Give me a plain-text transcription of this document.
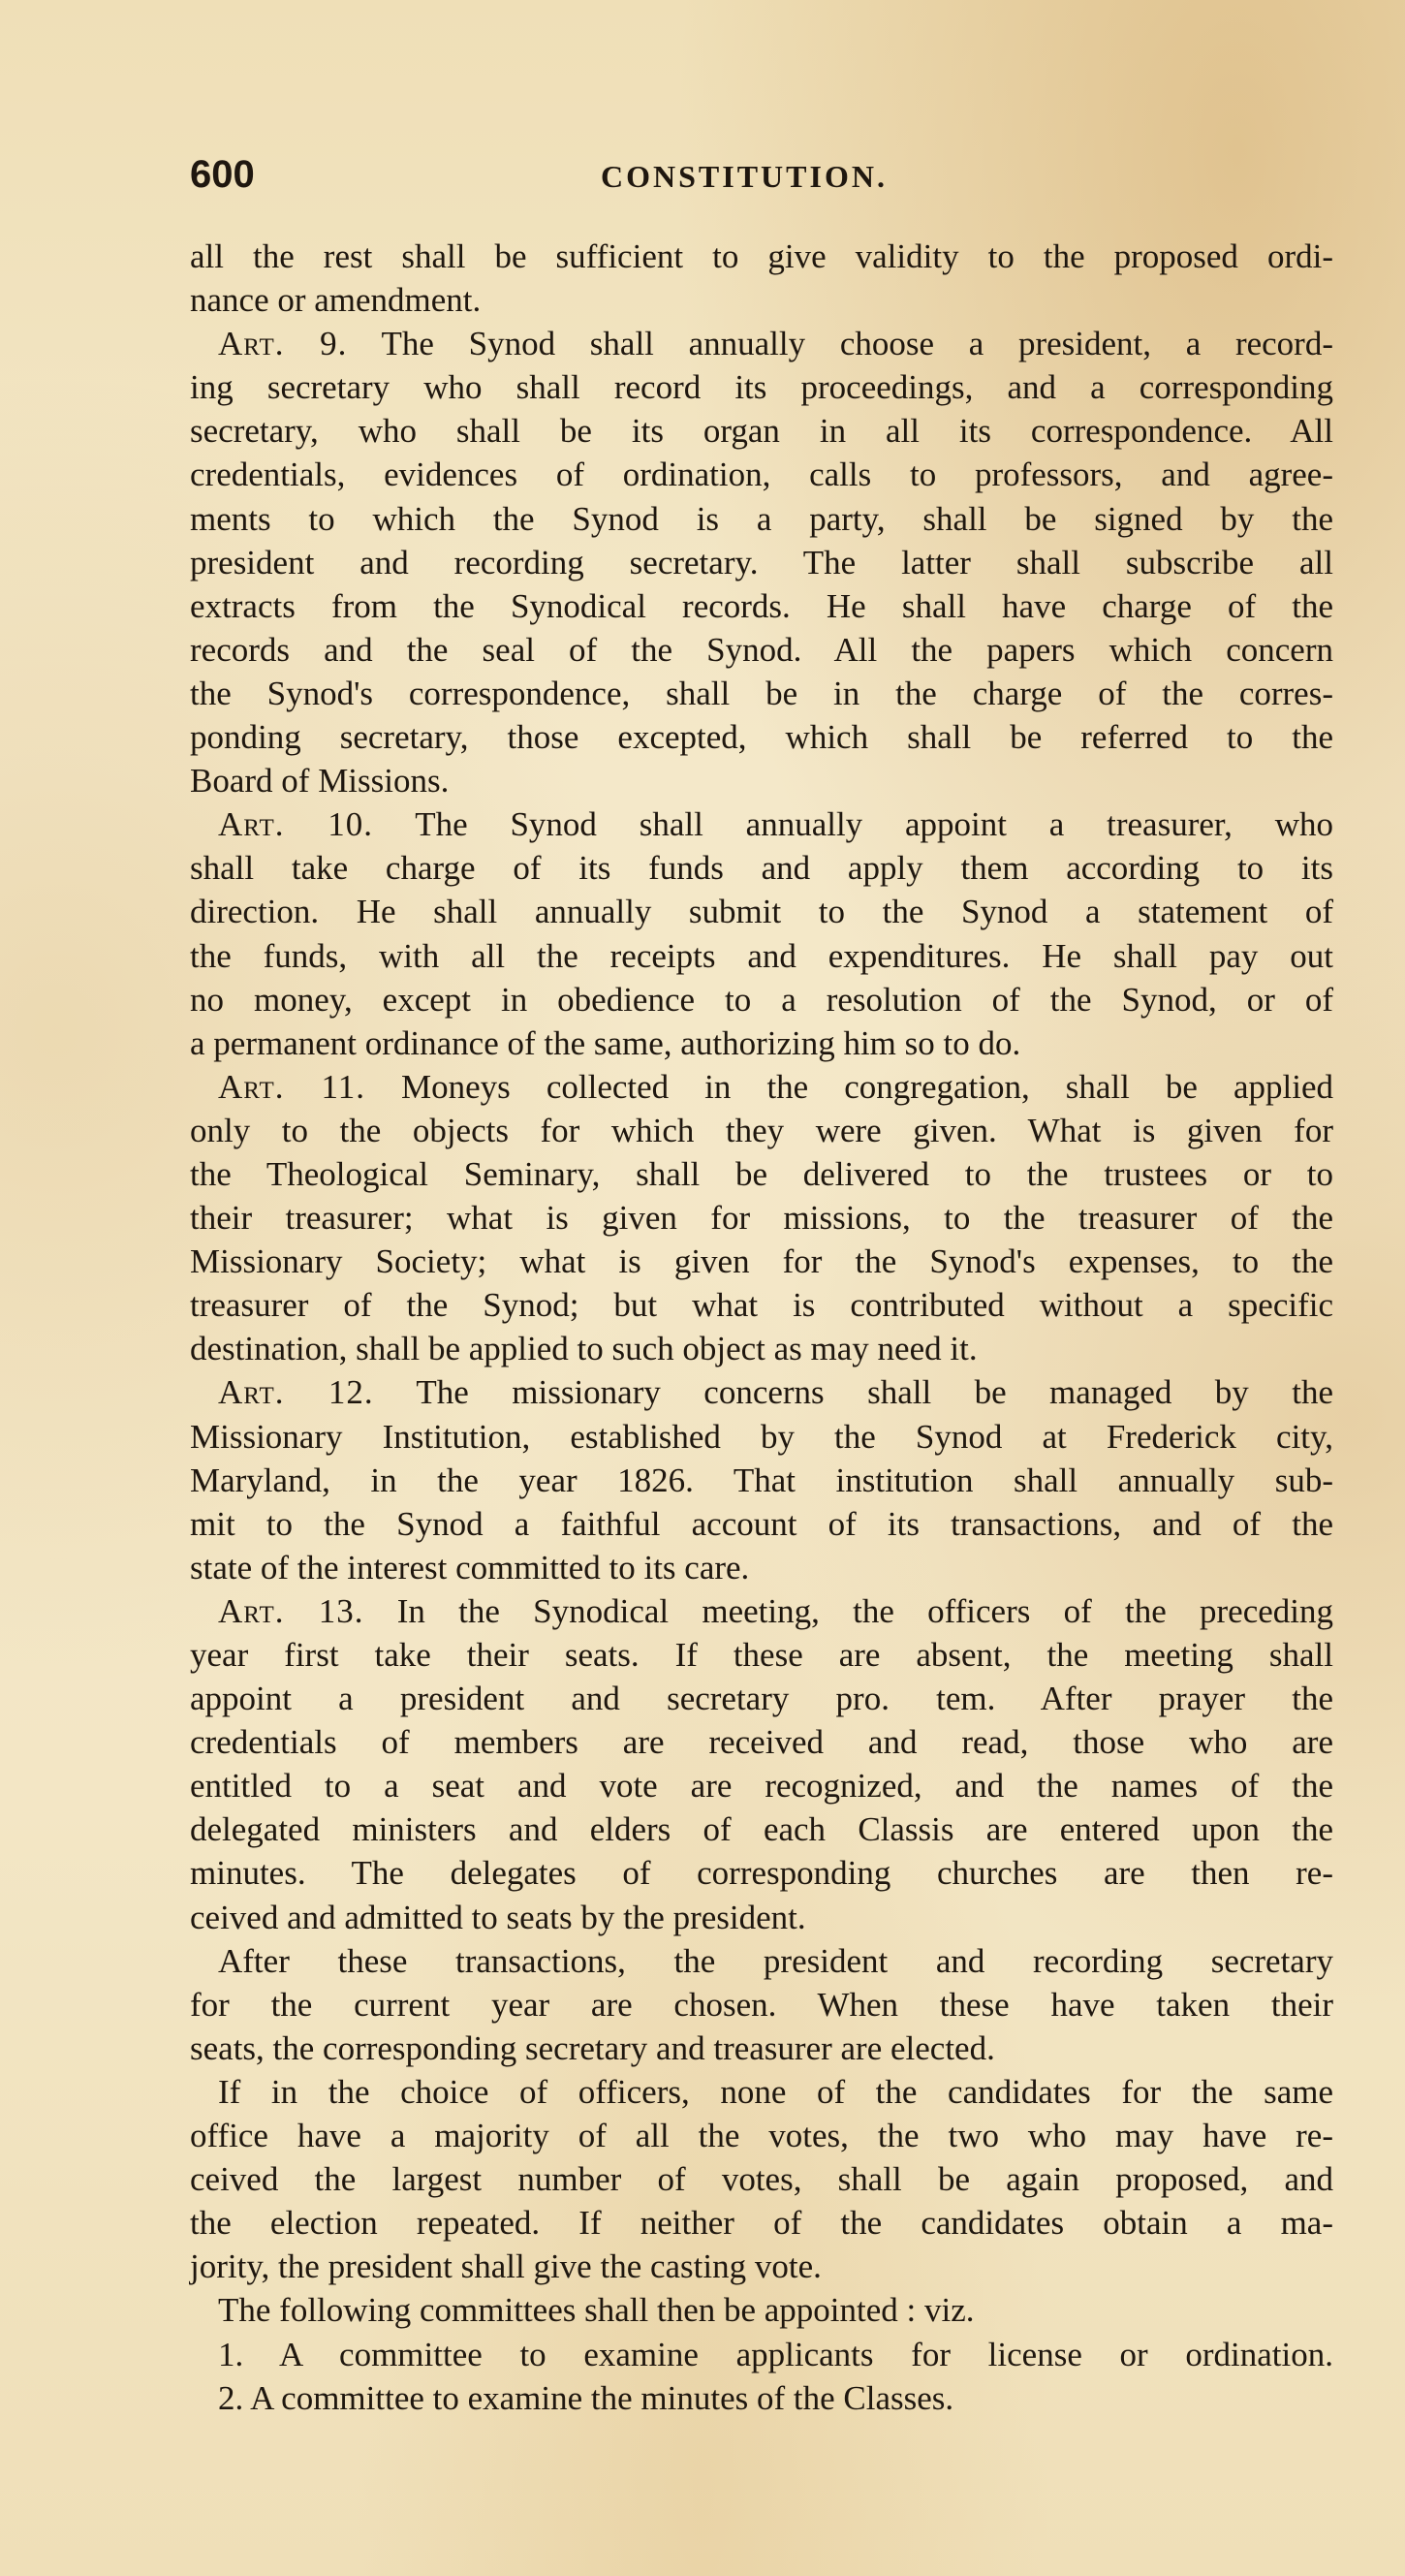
600	CONSTITUTION.
all the rest shall be sufficient to give validity to the proposed ordi-
nance or amendment.
Art. 9. The Synod shall annually choose a president, a record-
ing secretary who shall record its proceedings, and a corresponding
secretary, who shall be its organ in all its correspondence. All
credentials, evidences of ordination, calls to professors, and agree-
ments to which the Synod is a party, shall be signed by the
president and recording secretary. The latter shall subscribe all
extracts from the Synodical records. He shall have charge of the
records and the seal of the Synod. All the papers which concern
the Synod's correspondence, shall be in the charge of the corres-
ponding secretary, those excepted, which shall be referred to the
Board of Missions.
Art. 10. The Synod shall annually appoint a treasurer, who
shall take charge of its funds and apply them according to its
direction. He shall annually submit to the Synod a statement of
the funds, with all the receipts and expenditures. He shall pay out
no money, except in obedience to a resolution of the Synod, or of
a permanent ordinance of the same, authorizing him so to do.
Art. 11. Moneys collected in the congregation, shall be applied
only to the objects for which they were given. What is given for
the Theological Seminary, shall be delivered to the trustees or to
their treasurer; what is given for missions, to the treasurer of the
Missionary Society; what is given for the Synod's expenses, to the
treasurer of the Synod; but what is contributed without a specific
destination, shall be applied to such object as may need it.
Art. 12. The missionary concerns shall be managed by the
Missionary Institution, established by the Synod at Frederick city,
Maryland, in the year 1826. That institution shall annually sub-
mit to the Synod a faithful account of its transactions, and of the
state of the interest committed to its care.
Art. 13. In the Synodical meeting, the officers of the preceding
year first take their seats. If these are absent, the meeting shall
appoint a president and secretary pro. tem. After prayer the
credentials of members are received and read, those who are
entitled to a seat and vote are recognized, and the names of the
delegated ministers and elders of each Classis are entered upon the
minutes. The delegates of corresponding churches are then re-
ceived and admitted to seats by the president.
After these transactions, the president and recording secretary
for the current year are chosen. When these have taken their
seats, the corresponding secretary and treasurer are elected.
If in the choice of officers, none of the candidates for the same
office have a majority of all the votes, the two who may have re-
ceived the largest number of votes, shall be again proposed, and
the election repeated. If neither of the candidates obtain a ma-
jority, the president shall give the casting vote.
The following committees shall then be appointed : viz.
1. A committee to examine applicants for license or ordination.
2. A committee to examine the minutes of the Classes.
